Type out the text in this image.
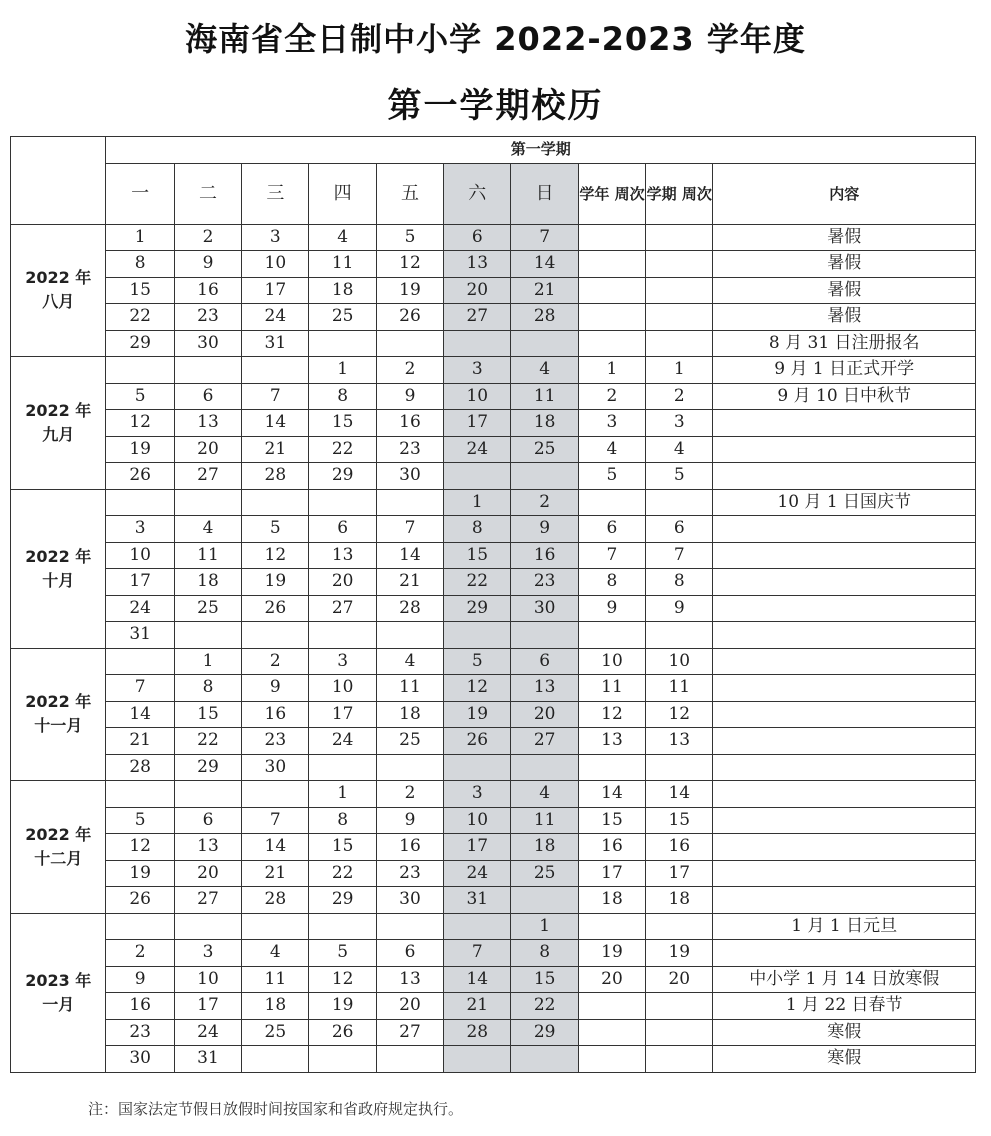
海南省全日制中小学 2022-2023 学年度
第一学期校历
	第一学期									
	一	二	三	四	五	六	日	学年 周次	学期 周次	内容
2022 年
八月	1	2	3	4	5	6	7			暑假
	8	9	10	11	12	13	14			暑假
	15	16	17	18	19	20	21			暑假
	22	23	24	25	26	27	28			暑假
	29	30	31							8 月 31 日注册报名
2022 年
九月				1	2	3	4	1	1	9 月 1 日正式开学
	5	6	7	8	9	10	11	2	2	9 月 10 日中秋节
	12	13	14	15	16	17	18	3	3	
	19	20	21	22	23	24	25	4	4	
	26	27	28	29	30			5	5	
2022 年
十月						1	2			10 月 1 日国庆节
	3	4	5	6	7	8	9	6	6	
	10	11	12	13	14	15	16	7	7	
	17	18	19	20	21	22	23	8	8	
	24	25	26	27	28	29	30	9	9	
	31									
2022 年
十一月		1	2	3	4	5	6	10	10	
	7	8	9	10	11	12	13	11	11	
	14	15	16	17	18	19	20	12	12	
	21	22	23	24	25	26	27	13	13	
	28	29	30							
2022 年
十二月				1	2	3	4	14	14	
	5	6	7	8	9	10	11	15	15	
	12	13	14	15	16	17	18	16	16	
	19	20	21	22	23	24	25	17	17	
	26	27	28	29	30	31		18	18	
2023 年
一月							1			1 月 1 日元旦
	2	3	4	5	6	7	8	19	19	
	9	10	11	12	13	14	15	20	20	中小学 1 月 14 日放寒假
	16	17	18	19	20	21	22			1 月 22 日春节
	23	24	25	26	27	28	29			寒假
	30	31								寒假
注：国家法定节假日放假时间按国家和省政府规定执行。
